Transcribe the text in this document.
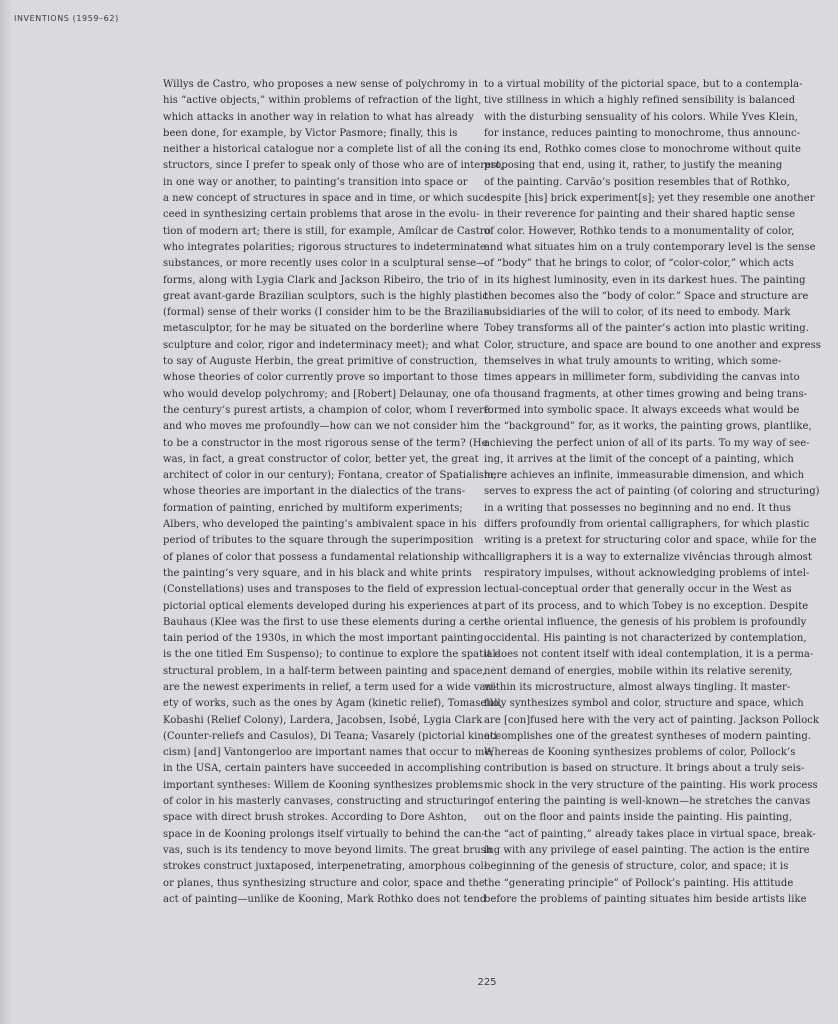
INVENTIONS (1959–62)
Willys de Castro, who proposes a new sense of polychromy in
his “active objects,” within problems of refraction of the light,
which attacks in another way in relation to what has already
been done, for example, by Victor Pasmore; finally, this is
neither a historical catalogue nor a complete list of all the con-
structors, since I prefer to speak only of those who are of interest,
in one way or another, to painting’s transition into space or
a new concept of structures in space and in time, or which suc-
ceed in synthesizing certain problems that arose in the evolu-
tion of modern art; there is still, for example, Amílcar de Castro
who integrates polarities; rigorous structures to indeterminate
substances, or more recently uses color in a sculptural sense—
forms, along with Lygia Clark and Jackson Ribeiro, the trio of
great avant-garde Brazilian sculptors, such is the highly plastic
(formal) sense of their works (I consider him to be the Brazilian
metasculptor, for he may be situated on the borderline where
sculpture and color, rigor and indeterminacy meet); and what
to say of Auguste Herbin, the great primitive of construction,
whose theories of color currently prove so important to those
who would develop polychromy; and [Robert] Delaunay, one of
the century’s purest artists, a champion of color, whom I revere
and who moves me profoundly—how can we not consider him
to be a constructor in the most rigorous sense of the term? (He
was, in fact, a great constructor of color, better yet, the great
architect of color in our century); Fontana, creator of Spatialism,
whose theories are important in the dialectics of the trans-
formation of painting, enriched by multiform experiments;
Albers, who developed the painting’s ambivalent space in his
period of tributes to the square through the superimposition
of planes of color that possess a fundamental relationship with
the painting’s very square, and in his black and white prints
(Constellations) uses and transposes to the field of expression
pictorial optical elements developed during his experiences at
Bauhaus (Klee was the first to use these elements during a cer-
tain period of the 1930s, in which the most important painting
is the one titled Em Suspenso); to continue to explore the spatial-
structural problem, in a half-term between painting and space,
are the newest experiments in relief, a term used for a wide vari-
ety of works, such as the ones by Agam (kinetic relief), Tomasello,
Kobashi (Relief Colony), Lardera, Jacobsen, Isobé, Lygia Clark
(Counter-reliefs and Casulos), Di Teana; Vasarely (pictorial kineti-
cism) [and] Vantongerloo are important names that occur to me;
in the USA, certain painters have succeeded in accomplishing
important syntheses: Willem de Kooning synthesizes problems
of color in his masterly canvases, constructing and structuring
space with direct brush strokes. According to Dore Ashton,
space in de Kooning prolongs itself virtually to behind the can-
vas, such is its tendency to move beyond limits. The great brush
strokes construct juxtaposed, interpenetrating, amorphous col-
or planes, thus synthesizing structure and color, space and the
act of painting—unlike de Kooning, Mark Rothko does not tend
to a virtual mobility of the pictorial space, but to a contempla-
tive stillness in which a highly refined sensibility is balanced
with the disturbing sensuality of his colors. While Yves Klein,
for instance, reduces painting to monochrome, thus announc-
ing its end, Rothko comes close to monochrome without quite
proposing that end, using it, rather, to justify the meaning
of the painting. Carvão’s position resembles that of Rothko,
despite [his] brick experiment[s]; yet they resemble one another
in their reverence for painting and their shared haptic sense
of color. However, Rothko tends to a monumentality of color,
and what situates him on a truly contemporary level is the sense
of “body” that he brings to color, of “color-color,” which acts
in its highest luminosity, even in its darkest hues. The painting
then becomes also the “body of color.” Space and structure are
subsidiaries of the will to color, of its need to embody. Mark
Tobey transforms all of the painter’s action into plastic writing.
Color, structure, and space are bound to one another and express
themselves in what truly amounts to writing, which some-
times appears in millimeter form, subdividing the canvas into
a thousand fragments, at other times growing and being trans-
formed into symbolic space. It always exceeds what would be
the “background” for, as it works, the painting grows, plantlike,
achieving the perfect union of all of its parts. To my way of see-
ing, it arrives at the limit of the concept of a painting, which
here achieves an infinite, immeasurable dimension, and which
serves to express the act of painting (of coloring and structuring)
in a writing that possesses no beginning and no end. It thus
differs profoundly from oriental calligraphers, for which plastic
writing is a pretext for structuring color and space, while for the
calligraphers it is a way to externalize vivências through almost
respiratory impulses, without acknowledging problems of intel-
lectual-conceptual order that generally occur in the West as
part of its process, and to which Tobey is no exception. Despite
the oriental influence, the genesis of his problem is profoundly
occidental. His painting is not characterized by contemplation,
it does not content itself with ideal contemplation, it is a perma-
nent demand of energies, mobile within its relative serenity,
within its microstructure, almost always tingling. It master-
fully synthesizes symbol and color, structure and space, which
are [con]fused here with the very act of painting. Jackson Pollock
accomplishes one of the greatest syntheses of modern painting.
Whereas de Kooning synthesizes problems of color, Pollock’s
contribution is based on structure. It brings about a truly seis-
mic shock in the very structure of the painting. His work process
of entering the painting is well-known—he stretches the canvas
out on the floor and paints inside the painting. His painting,
the “act of painting,” already takes place in virtual space, break-
ing with any privilege of easel painting. The action is the entire
beginning of the genesis of structure, color, and space; it is
the “generating principle” of Pollock’s painting. His attitude
before the problems of painting situates him beside artists like
225
